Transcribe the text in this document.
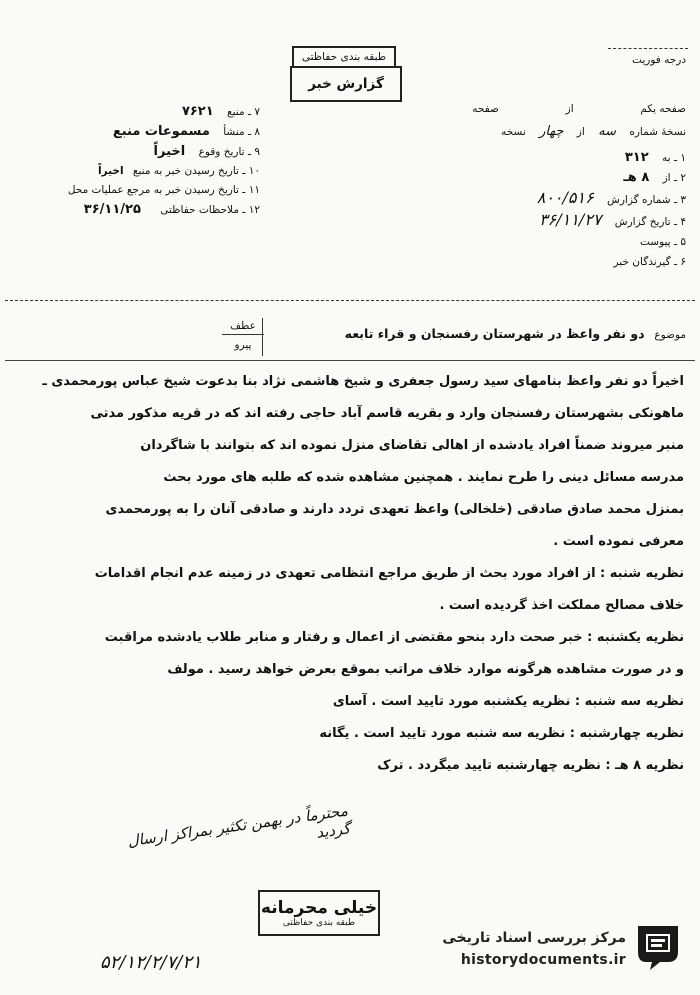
درجه فوریت
طبقه بندی حفاظتی
گزارش خبر
صفحه یکم  از  صفحه
نسخهٔ شماره سه از چهار نسخه
۷ ـ منبع ۷۶۲۱
۸ ـ منشأ مسموعات منبع
۹ ـ تاریخ وقوع اخیراً
۱۰ ـ تاریخ رسیدن خبر به منبع اخیراً
۱۱ ـ تاریخ رسیدن خبر به مرجع عملیات محل
۱۲ ـ ملاحظات حفاظتی ۳۶/۱۱/۲۵
۱ ـ به ۳۱۲
۲ ـ از ۸ هـ
۳ ـ شماره گزارش ۸۰۰/۵۱۶
۴ ـ تاریخ گزارش ۳۶/۱۱/۲۷
۵ ـ پیوست
۶ ـ گیرندگان خبر
موضوع دو نفر واعظ در شهرستان رفسنجان و قراء تابعه
عطف
پیرو
اخیراً دو نفر واعظ بنامهای سید رسول جعفری و شیخ هاشمی نژاد بنا بدعوت شیخ عباس پورمحمدی ـ
ماهونکی بشهرستان رفسنجان وارد و بقریه قاسم آباد حاجی رفته اند که در قریه مذکور مدتی
منبر میروند ضمناً افراد یادشده از اهالی تقاضای منزل نموده اند که بتوانند با شاگردان
مدرسه مسائل دینی را طرح نمایند . همچنین مشاهده شده که طلبه های مورد بحث
بمنزل محمد صادق صادقی (خلخالی) واعظ تعهدی تردد دارند و صادقی آنان را به پورمحمدی
معرفی نموده است .
نظریه شنبه : از افراد مورد بحث از طریق مراجع انتظامی تعهدی در زمینه عدم انجام اقدامات
خلاف مصالح مملکت اخذ گردیده است .
نظریه یکشنبه : خبر صحت دارد بنحو مقتضی از اعمال و رفتار و منابر طلاب یادشده مراقبت
و در صورت مشاهده هرگونه موارد خلاف مراتب بموقع بعرض خواهد رسید . مولف
نظریه سه شنبه : نظریه یکشنبه مورد تایید است . آسای
نظریه چهارشنبه : نظریه سه شنبه مورد تایید است . یگانه
نظریه ۸ هـ : نظریه چهارشنبه تایید میگردد . ترک
محترماً در بهمن تکثیر بمراکز ارسال گردید
خیلی محرمانه
طبقه بندی حفاظتی
۵۲/۱۲/۲/۷/۲۱
مرکز بررسی اسناد تاریخی
historydocuments.ir
